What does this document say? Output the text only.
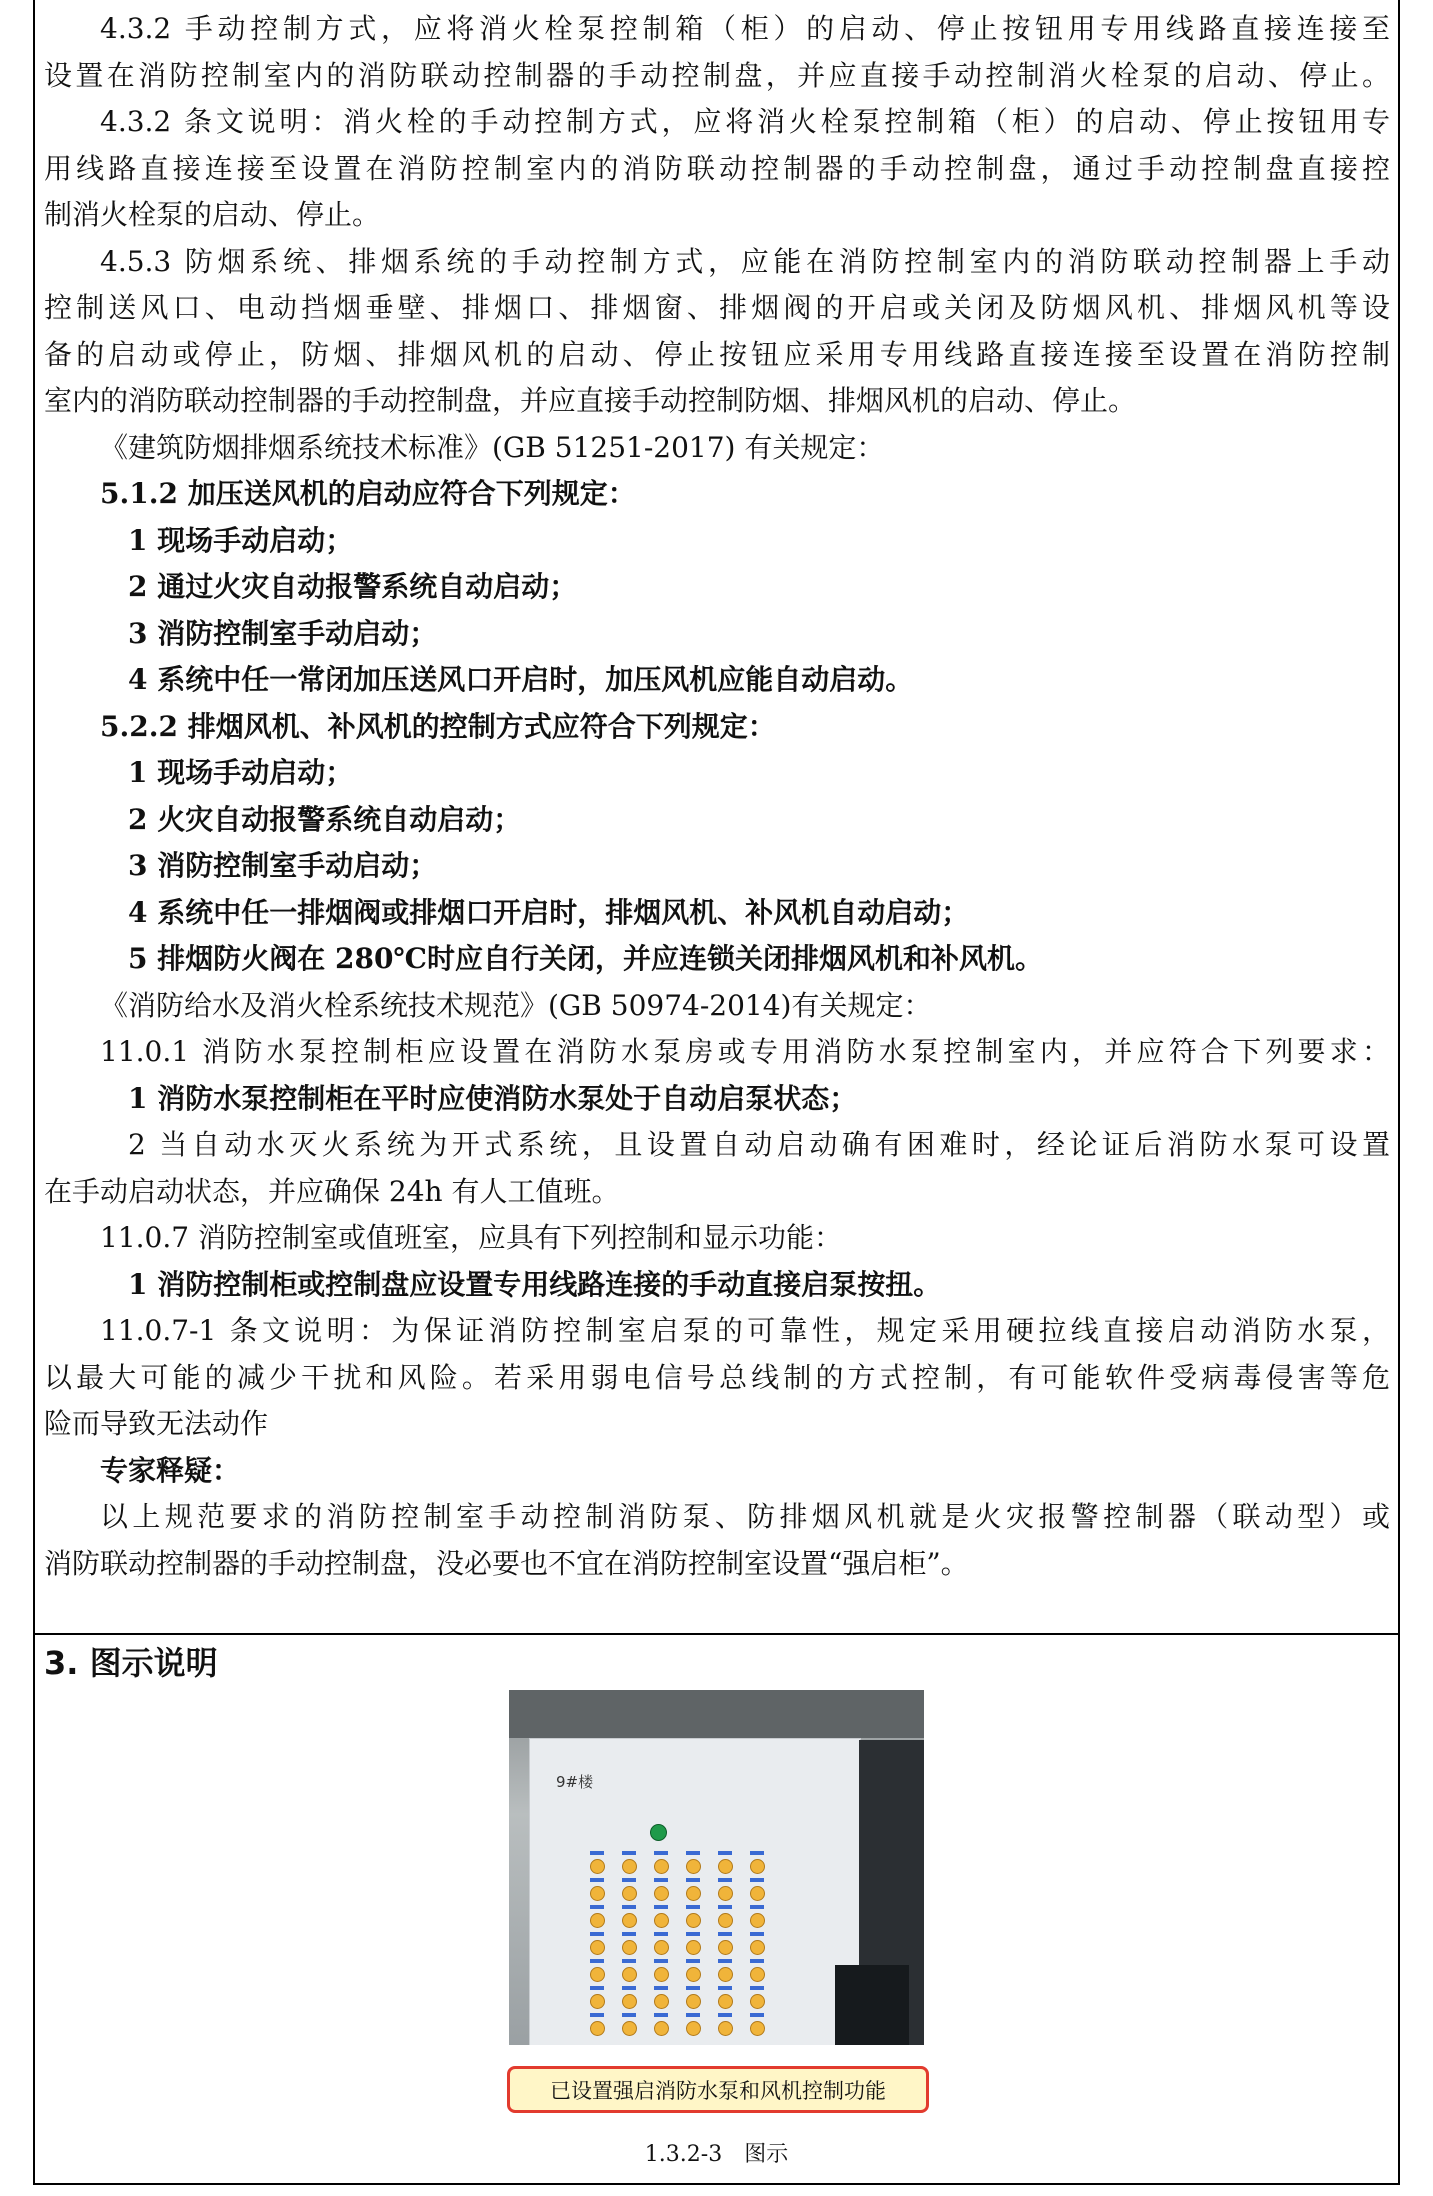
4.3.2 手动控制方式，应将消火栓泵控制箱（柜）的启动、停止按钮用专用线路直接连接至
设置在消防控制室内的消防联动控制器的手动控制盘，并应直接手动控制消火栓泵的启动、停止。
4.3.2 条文说明：消火栓的手动控制方式，应将消火栓泵控制箱（柜）的启动、停止按钮用专
用线路直接连接至设置在消防控制室内的消防联动控制器的手动控制盘，通过手动控制盘直接控
制消火栓泵的启动、停止。
4.5.3 防烟系统、排烟系统的手动控制方式，应能在消防控制室内的消防联动控制器上手动
控制送风口、电动挡烟垂壁、排烟口、排烟窗、排烟阀的开启或关闭及防烟风机、排烟风机等设
备的启动或停止，防烟、排烟风机的启动、停止按钮应采用专用线路直接连接至设置在消防控制
室内的消防联动控制器的手动控制盘，并应直接手动控制防烟、排烟风机的启动、停止。
《建筑防烟排烟系统技术标准》(GB 51251-2017) 有关规定：
5.1.2 加压送风机的启动应符合下列规定：
1 现场手动启动；
2 通过火灾自动报警系统自动启动；
3 消防控制室手动启动；
4 系统中任一常闭加压送风口开启时，加压风机应能自动启动。
5.2.2 排烟风机、补风机的控制方式应符合下列规定：
1 现场手动启动；
2 火灾自动报警系统自动启动；
3 消防控制室手动启动；
4 系统中任一排烟阀或排烟口开启时，排烟风机、补风机自动启动；
5 排烟防火阀在 280℃时应自行关闭，并应连锁关闭排烟风机和补风机。
《消防给水及消火栓系统技术规范》(GB 50974-2014)有关规定：
11.0.1 消防水泵控制柜应设置在消防水泵房或专用消防水泵控制室内，并应符合下列要求：
1 消防水泵控制柜在平时应使消防水泵处于自动启泵状态；
2 当自动水灭火系统为开式系统，且设置自动启动确有困难时，经论证后消防水泵可设置
在手动启动状态，并应确保 24h 有人工值班。
11.0.7 消防控制室或值班室，应具有下列控制和显示功能：
1 消防控制柜或控制盘应设置专用线路连接的手动直接启泵按扭。
11.0.7-1 条文说明：为保证消防控制室启泵的可靠性，规定采用硬拉线直接启动消防水泵，
以最大可能的减少干扰和风险。若采用弱电信号总线制的方式控制，有可能软件受病毒侵害等危
险而导致无法动作
专家释疑：
以上规范要求的消防控制室手动控制消防泵、防排烟风机就是火灾报警控制器（联动型）或
消防联动控制器的手动控制盘，没必要也不宜在消防控制室设置“强启柜”。
3. 图示说明
9#楼
已设置强启消防水泵和风机控制功能
1.3.2-3　图示
